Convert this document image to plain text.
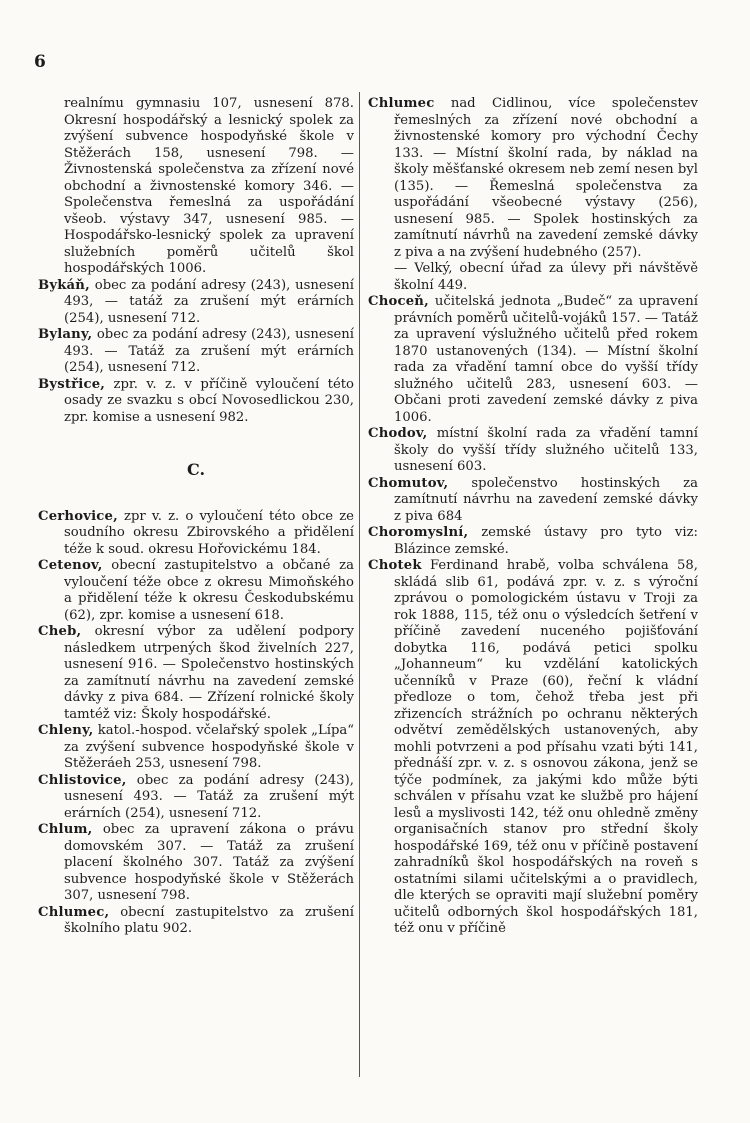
6
realnímu gymnasiu 107, usnesení 878. Okresní hospodářský a lesnický spolek za zvýšení subvence hospodyňské škole v Stěžerách 158, usnesení 798. — Živnostenská společenstva za zřízení nové obchodní a živnostenské komory 346. — Společenstva řemeslná za uspořádání všeob. výstavy 347, usnesení 985. — Hospodářsko-lesnický spolek za upravení služebních poměrů učitelů škol hospodářských 1006.
Bykáň, obec za podání adresy (243), usnesení 493, — tatáž za zrušení mýt erárních (254), usnesení 712.
Bylany, obec za podání adresy (243), usnesení 493. — Tatáž za zrušení mýt erárních (254), usnesení 712.
Bystřice, zpr. v. z. v příčině vyloučení této osady ze svazku s obcí Novosedlickou 230, zpr. komise a usnesení 982.
C.
Cerhovice, zpr v. z. o vyloučení této obce ze soudního okresu Zbirovského a přidělení téže k soud. okresu Hořovickému 184.
Cetenov, obecní zastupitelstvo a občané za vyloučení téže obce z okresu Mimoňského a přidělení téže k okresu Českodubskému (62), zpr. komise a usnesení 618.
Cheb, okresní výbor za udělení podpory následkem utrpených škod živelních 227, usnesení 916. — Společenstvo hostinských za zamítnutí návrhu na zavedení zemské dávky z piva 684. — Zřízení rolnické školy tamtéž viz: Školy hospodářské.
Chleny, katol.-hospod. včelařský spolek „Lípa“ za zvýšení subvence hospodyňské škole v Stěžeráeh 253, usnesení 798.
Chlistovice, obec za podání adresy (243), usnesení 493. — Tatáž za zrušení mýt erárních (254), usnesení 712.
Chlum, obec za upravení zákona o právu domovském 307. — Tatáž za zrušení placení školného 307. Tatáž za zvýšení subvence hospodyňské škole v Stěžerách 307, usnesení 798.
Chlumec, obecní zastupitelstvo za zrušení školního platu 902.
Chlumec nad Cidlinou, více společenstev řemeslných za zřízení nové obchodní a živnostenské komory pro východní Čechy 133. — Místní školní rada, by náklad na školy měšťanské okresem neb zemí nesen byl (135). — Řemeslná společenstva za uspořádání všeobecné výstavy (256), usnesení 985. — Spolek hostinských za zamítnutí návrhů na zavedení zemské dávky z piva a na zvýšení hudebného (257).
— Velký, obecní úřad za úlevy při návštěvě školní 449.
Choceň, učitelská jednota „Budeč“ za upravení právních poměrů učitelů-vojáků 157. — Tatáž za upravení výslužného učitelů před rokem 1870 ustanovených (134). — Místní školní rada za vřadění tamní obce do vyšší třídy služného učitelů 283, usnesení 603. — Občani proti zavedení zemské dávky z piva 1006.
Chodov, místní školní rada za vřadění tamní školy do vyšší třídy služného učitelů 133, usnesení 603.
Chomutov, společenstvo hostinských za zamítnutí návrhu na zavedení zemské dávky z piva 684
Choromyslní, zemské ústavy pro tyto viz: Blázince zemské.
Chotek Ferdinand hrabě, volba schválena 58, skládá slib 61, podává zpr. v. z. s výroční zprávou o pomologickém ústavu v Troji za rok 1888, 115, též onu o výsledcích šetření v příčině zavedení nuceného pojišťování dobytka 116, podává petici spolku „Johanneum“ ku vzdělání katolických učenníků v Praze (60), řeční k vládní předloze o tom, čehož třeba jest při zřizencích strážních po ochranu některých odvětví zemědělských ustanovených, aby mohli potvrzeni a pod přísahu vzati býti 141, přednáší zpr. v. z. s osnovou zákona, jenž se týče podmínek, za jakými kdo může býti schválen v přísahu vzat ke službě pro hájení lesů a myslivosti 142, též onu ohledně změny organisačních stanov pro střední školy hospodářské 169, též onu v příčině postavení zahradníků škol hospodářských na roveň s ostatními silami učitelskými a o pravidlech, dle kterých se opraviti mají služební poměry učitelů odborných škol hospodářských 181, též onu v příčině
